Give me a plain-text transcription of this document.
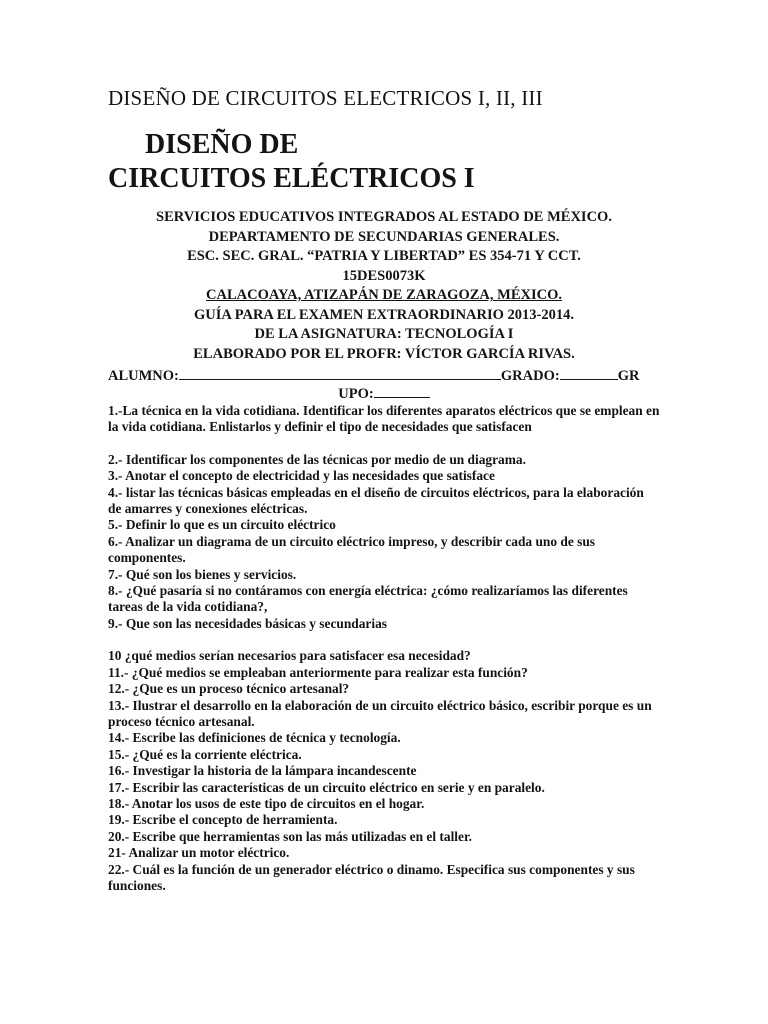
DISEÑO DE CIRCUITOS ELECTRICOS I, II, III
DISEÑO DE
CIRCUITOS ELÉCTRICOS I
SERVICIOS EDUCATIVOS INTEGRADOS AL ESTADO DE MÉXICO.
DEPARTAMENTO DE SECUNDARIAS GENERALES.
ESC. SEC. GRAL. “PATRIA Y LIBERTAD” ES 354-71 Y CCT.
15DES0073K
CALACOAYA, ATIZAPÁN DE ZARAGOZA, MÉXICO.
GUÍA PARA EL EXAMEN EXTRAORDINARIO 2013-2014.
DE LA ASIGNATURA: TECNOLOGÍA I
ELABORADO POR EL PROFR: VÍCTOR GARCÍA RIVAS.
ALUMNO:	GRADO:	GR
UPO:

1.-La técnica en la vida cotidiana. Identificar los diferentes aparatos eléctricos que se emplean en la vida cotidiana. Enlistarlos y definir el tipo de necesidades que satisfacen

2.- Identificar los componentes de las técnicas por medio de un diagrama.

3.- Anotar el concepto de electricidad y las necesidades que satisface

4.- listar las técnicas básicas empleadas en el diseño de circuitos eléctricos, para la elaboración de amarres y conexiones eléctricas.

5.- Definir lo que es un circuito eléctrico

6.- Analizar un diagrama de un circuito eléctrico impreso, y describir cada uno de sus componentes.

7.- Qué son los bienes y servicios.

8.- ¿Qué pasaría si no contáramos con energía eléctrica: ¿cómo realizaríamos las diferentes tareas de la vida cotidiana?,

9.- Que son las necesidades básicas y secundarias

10 ¿qué medios serían necesarios para satisfacer esa necesidad?

11.- ¿Qué medios se empleaban anteriormente para realizar esta función?

12.- ¿Que es un proceso técnico artesanal?

13.- Ilustrar el desarrollo en la elaboración de un circuito eléctrico básico, escribir porque es un proceso técnico artesanal.

14.- Escribe las definiciones de técnica y tecnología.

15.- ¿Qué es la corriente eléctrica.

16.- Investigar la historia de la lámpara incandescente

17.- Escribir las características de un circuito eléctrico en serie y en paralelo.

18.- Anotar los usos de este tipo de circuitos en el hogar.

19.- Escribe el concepto de herramienta.

20.- Escribe que herramientas son las más utilizadas en el taller.

21- Analizar un motor eléctrico.

22.- Cuál es la función de un generador eléctrico o dinamo. Especifica sus componentes y sus funciones.
